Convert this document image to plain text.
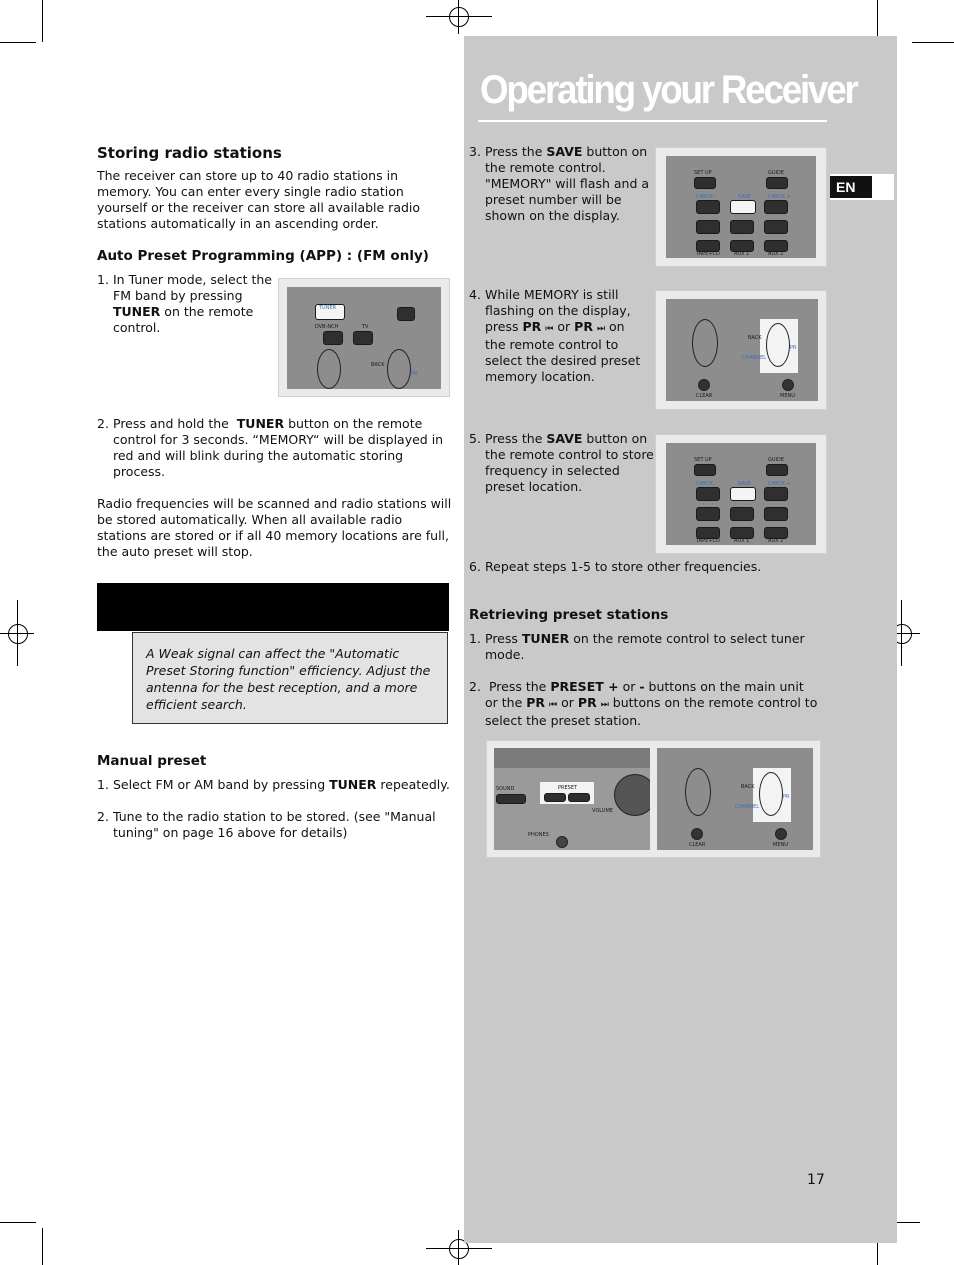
Operating your Receiver
EN
Storing radio stations
The receiver can store up to 40 radio stations in memory. You can enter every single radio station yourself or the receiver can store all available radio stations automatically in an ascending order.
Auto Preset Programming (APP) : (FM only)
1. In Tuner mode, select the FM band by pressing TUNER on the remote control.
TUNER
DVB-NCH	TV
BACK
PR
2. Press and hold the TUNER button on the remote control for 3 seconds. “MEMORY“ will be displayed in red and will blink during the automatic storing process.
Radio frequencies will be scanned and radio stations will be stored automatically. When all available radio stations are stored or if all 40 memory locations are full, the auto preset will stop.
A Weak signal can affect the "Automatic Preset Storing function" efficiency. Adjust the antenna for the best reception, and a more efficient search.
Manual preset
1. Select FM or AM band by pressing TUNER repeatedly.
2. Tune to the radio station to be stored. (see "Manual tuning" on page 16 above for details)
3. Press the SAVE button on the remote control. "MEMORY" will flash and a preset number will be shown on the display.
SET UP	GUIDE
CHECK -	SAVE	CHECK +
TAPE+CD	AUX 1	AUX 2
4. While MEMORY is still flashing on the display, press PR ⏮ or PR ⏭ on the remote control to select the desired preset memory location.
BACK
CHANNEL
PR
CLEAR	MENU
5. Press the SAVE button on the remote control to store frequency in selected preset location.
SET UP	GUIDE
CHECK -	SAVE	CHECK +
TAPE+CD	AUX 1	AUX 2
6. Repeat steps 1-5 to store other frequencies.
Retrieving preset stations
1. Press TUNER on the remote control to select tuner mode.
2. Press the PRESET + or - buttons on the main unit or the PR ⏮ or PR ⏭ buttons on the remote control to select the preset station.
SOUND	PRESET
VOLUME
PHONES
BACK
CHANNEL
PR
CLEAR	MENU
17
